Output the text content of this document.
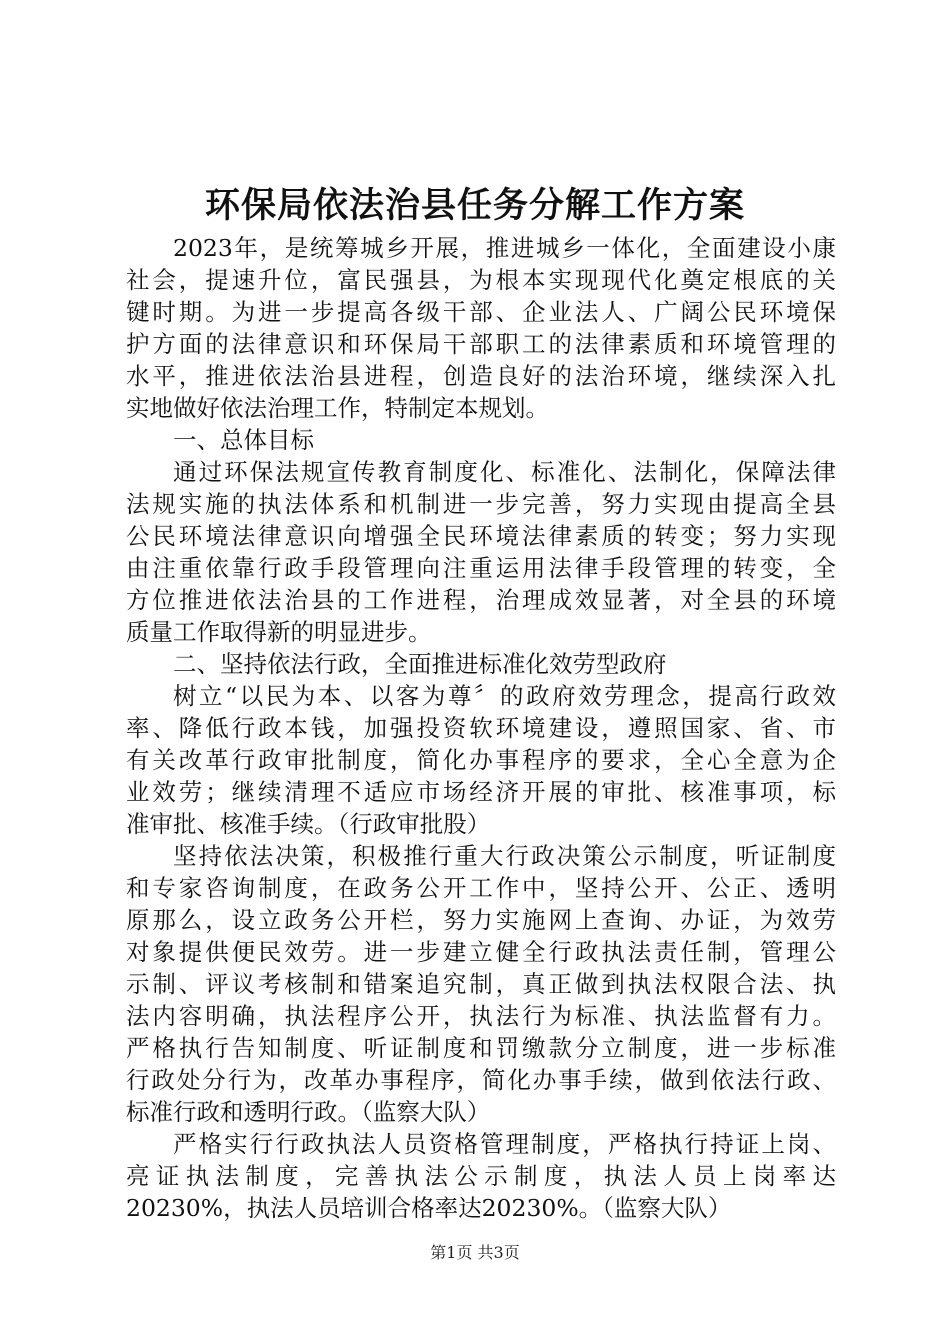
环保局依法治县任务分解工作方案

2023年，是统筹城乡开展，推进城乡一体化，全面建设小康

社会，提速升位，富民强县，为根本实现现代化奠定根底的关

键时期。为进一步提高各级干部、企业法人、广阔公民环境保

护方面的法律意识和环保局干部职工的法律素质和环境管理的

水平，推进依法治县进程，创造良好的法治环境，继续深入扎

实地做好依法治理工作，特制定本规划。

一、总体目标

通过环保法规宣传教育制度化、标准化、法制化，保障法律

法规实施的执法体系和机制进一步完善，努力实现由提高全县

公民环境法律意识向增强全民环境法律素质的转变；努力实现

由注重依靠行政手段管理向注重运用法律手段管理的转变，全

方位推进依法治县的工作进程，治理成效显著，对全县的环境

质量工作取得新的明显进步。

二、坚持依法行政，全面推进标准化效劳型政府

树立“以民为本、以客为尊〞的政府效劳理念，提高行政效

率、降低行政本钱，加强投资软环境建设，遵照国家、省、市

有关改革行政审批制度，简化办事程序的要求，全心全意为企

业效劳；继续清理不适应市场经济开展的审批、核准事项，标

准审批、核准手续。（行政审批股）

坚持依法决策，积极推行重大行政决策公示制度，听证制度

和专家咨询制度，在政务公开工作中，坚持公开、公正、透明

原那么，设立政务公开栏，努力实施网上查询、办证，为效劳

对象提供便民效劳。进一步建立健全行政执法责任制，管理公

示制、评议考核制和错案追究制，真正做到执法权限合法、执

法内容明确，执法程序公开，执法行为标准、执法监督有力。

严格执行告知制度、听证制度和罚缴款分立制度，进一步标准

行政处分行为，改革办事程序，简化办事手续，做到依法行政、

标准行政和透明行政。（监察大队）

严格实行行政执法人员资格管理制度，严格执行持证上岗、

亮证执法制度，完善执法公示制度，执法人员上岗率达

20230%，执法人员培训合格率达20230%。（监察大队）

第1页 共3页
